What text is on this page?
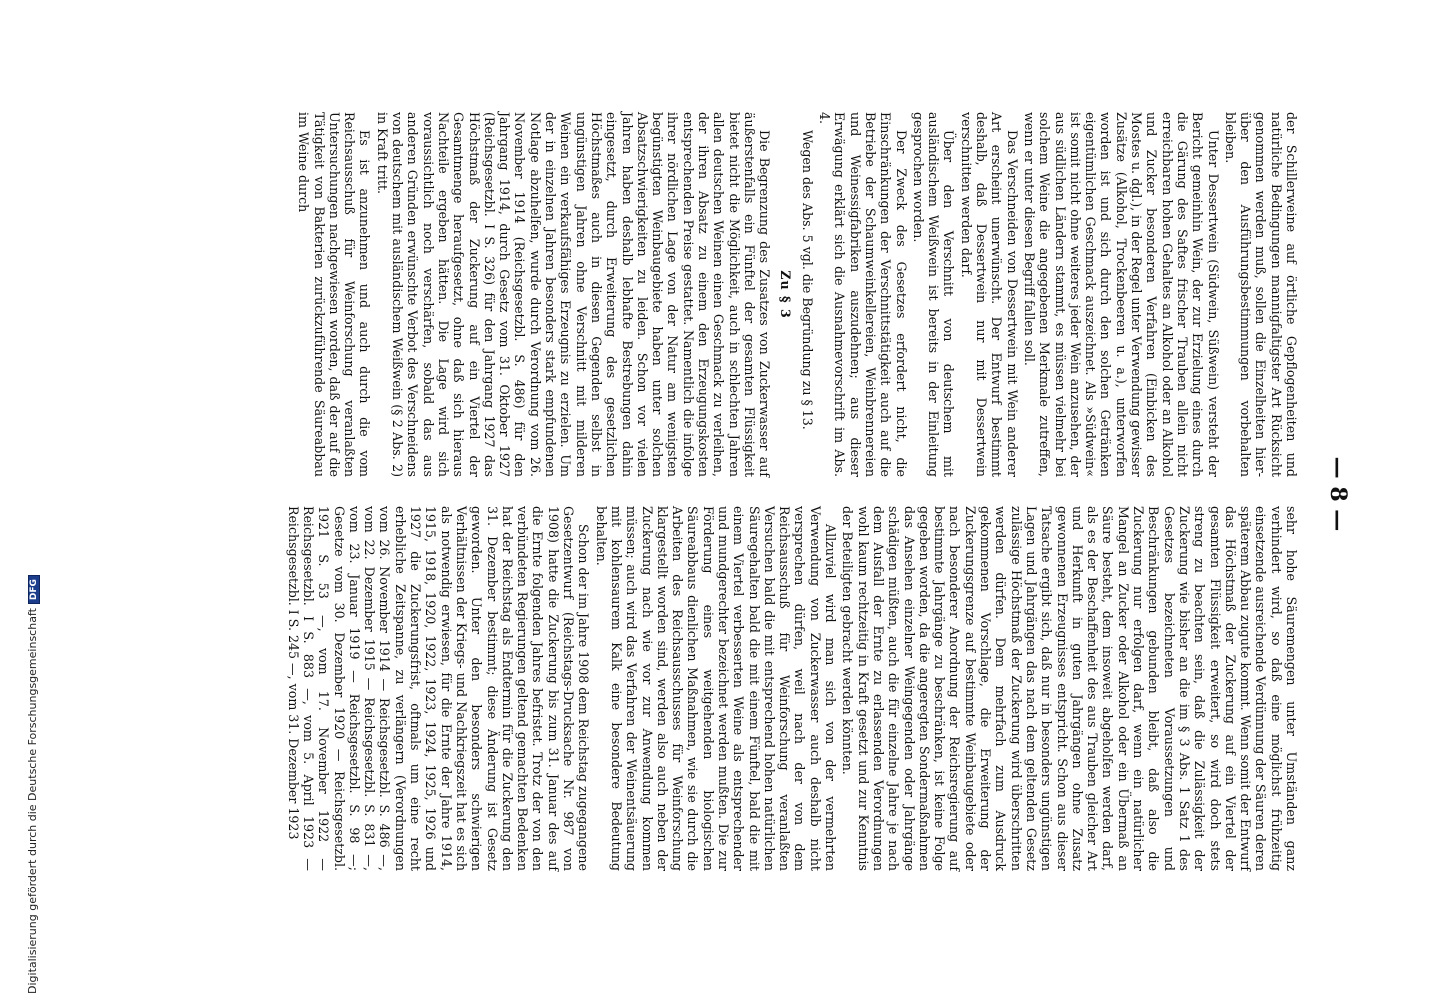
Digitalisierung gefördert durch die Deutsche ForschungsgemeinschaftDFG
— 8 —

der Schillerweine auf örtliche Gepflogenheiten und natürliche Bedingungen mannigfaltigster Art Rücksicht genommen werden muß, sollen die Einzelheiten hier-über den Ausführungsbestimmungen vorbehalten bleiben.

Unter Dessertwein (Südwein, Süßwein) versteht der Bericht gemeinhin Wein, der zur Erzielung eines durch die Gärung des Saftes frischer Trauben allein nicht erreichbaren hohen Gehaltes an Alkohol oder an Alkohol und Zucker besonderen Verfahren (Einbicken des Mostes u. dgl.), in der Regel unter Verwendung gewisser Zusätze (Alkohol, Trockenbeeren u. a.), unterworfen worden ist und sich durch den solchen Getränken eigentümlichen Geschmack auszeichnet. Als »Südwein« ist somit nicht ohne weiteres jeder Wein anzusehen, der aus südlichen Ländern stammt, es müssen vielmehr bei solchem Weine die angegebenen Merkmale zutreffen, wenn er unter diesen Begriff fallen soll.

Das Verschneiden von Dessertwein mit Wein anderer Art erscheint unerwünscht. Der Entwurf bestimmt deshalb, daß Dessertwein nur mit Dessertwein verschnitten werden darf.

Über den Verschnitt von deutschem mit ausländischem Weißwein ist bereits in der Einleitung gesprochen worden.

Der Zweck des Gesetzes erfordert nicht, die Einschränkungen der Verschnittstätigkeit auch auf die Betriebe der Schaumweinkellereien, Weinbrennereien und Weinessigfabriken auszudehnen; aus dieser Erwägung erklärt sich die Ausnahmevorschrift im Abs. 4.

Wegen des Abs. 5 vgl. die Begründung zu § 13.

Zu § 3

Die Begrenzung des Zusatzes von Zuckerwasser auf äußerstenfalls ein Fünftel der gesamten Flüssigkeit bietet nicht die Möglichkeit, auch in schlechten Jahren allen deutschen Weinen einen Geschmack zu verleihen, der ihren Absatz zu einem den Erzeugungskosten entsprechenden Preise gestattet. Namentlich die infolge ihrer nördlichen Lage von der Natur am wenigsten begünstigten Weinbaugebiete haben unter solchen Absatzschwierigkeiten zu leiden. Schon vor vielen Jahren haben deshalb lebhafte Bestrebungen dahin eingesetzt, durch Erweiterung des gesetzlichen Höchstmaßes auch in diesen Gegenden selbst in ungünstigen Jahren ohne Verschnitt mit milderen Weinen ein verkaufsfähiges Erzeugnis zu erzielen. Um der in einzelnen Jahren besonders stark empfundenen Notlage abzuhelfen, wurde durch Verordnung vom 26. November 1914 (Reichsgesetzbl. S. 486) für den Jahrgang 1914, durch Gesetz vom 31. Oktober 1927 (Reichsgesetzbl. I S. 326) für den Jahrgang 1927 das Höchstmaß der Zuckerung auf ein Viertel der Gesamtmenge heraufgesetzt, ohne daß sich hieraus Nachteile ergeben hätten. Die Lage wird sich voraussichtlich noch verschärfen, sobald das aus anderen Gründen erwünschte Verbot des Verschneidens von deutschem mit ausländischem Weißwein (§ 2 Abs. 2) in Kraft tritt.

Es ist anzunehmen und auch durch die vom Reichsausschuß für Weinforschung veranlaßten Untersuchungen nachgewiesen worden, daß der auf die Tätigkeit von Bakterien zurückzuführende Säureabbau im Weine durch

sehr hohe Säuremengen unter Umständen ganz verhindert wird, so daß eine möglichst frühzeitig einsetzende ausreichende Verdünnung der Säuren deren späterem Abbau zugute kommt. Wenn somit der Entwurf das Höchstmaß der Zuckerung auf ein Viertel der gesamten Flüssigkeit erweitert, so wird doch stets streng zu beachten sein, daß die Zulässigkeit der Zuckerung wie bisher an die im § 3 Abs. 1 Satz 1 des Gesetzes bezeichneten Voraussetzungen und Beschränkungen gebunden bleibt, daß also die Zuckerung nur erfolgen darf, wenn ein natürlicher Mangel an Zucker oder Alkohol oder ein Übermaß an Säure besteht, dem insoweit abgeholfen werden darf, als es der Beschaffenheit des aus Trauben gleicher Art und Herkunft in guten Jahrgängen ohne Zusatz gewonnenen Erzeugnisses entspricht. Schon aus dieser Tatsache ergibt sich, daß nur in besonders ungünstigen Lagen und Jahrgängen das nach dem geltenden Gesetz zulässige Höchstmaß der Zuckerung wird überschritten werden dürfen. Dem mehrfach zum Ausdruck gekommenen Vorschlage, die Erweiterung der Zuckerungsgrenze auf bestimmte Weinbaugebiete oder nach besonderer Anordnung der Reichsregierung auf bestimmte Jahrgänge zu beschränken, ist keine Folge gegeben worden, da die angeregten Sondermaßnahmen das Ansehen einzelner Weingegenden oder Jahrgänge schädigen müßten, auch die für einzelne Jahre je nach dem Ausfall der Ernte zu erlassenden Verordnungen wohl kaum rechtzeitig in Kraft gesetzt und zur Kenntnis der Beteiligten gebracht werden könnten.

Allzuviel wird man sich von der vermehrten Verwendung von Zuckerwasser auch deshalb nicht versprechen dürfen, weil nach der von dem Reichsausschuß für Weinforschung veranlaßten Versuchen bald die mit entsprechend hohen natürlichen Säuregehalten bald die mit einem Fünftel, bald die mit einem Viertel verbesserten Weine als entsprechender und mundgerechter bezeichnet werden mußten. Die zur Förderung eines weitgehenden biologischen Säureabbaus dienlichen Maßnahmen, wie sie durch die Arbeiten des Reichsausschusses für Weinforschung klargestellt worden sind, werden also auch neben der Zuckerung nach wie vor zur Anwendung kommen müssen; auch wird das Verfahren der Weinentsäuerung mit kohlensaurem Kalk eine besondere Bedeutung behalten.

Schon der im Jahre 1908 dem Reichstag zugegangene Gesetzentwurf (Reichstags-Drucksache Nr. 987 von 1908) hatte die Zuckerung bis zum 31. Januar des auf die Ernte folgenden Jahres befristet. Trotz der von den verbündeten Regierungen geltend gemachten Bedenken hat der Reichstag als Endtermin für die Zuckerung den 31. Dezember bestimmt; diese Änderung ist Gesetz geworden. Unter den besonders schwierigen Verhältnissen der Kriegs- und Nachkriegszeit hat es sich als notwendig erwiesen, für die Ernte der Jahre 1914, 1915, 1918, 1920, 1922, 1923, 1924, 1925, 1926 und 1927 die Zuckerungsfrist, oftmals um eine recht erhebliche Zeitspanne, zu verlängern (Verordnungen vom 26. November 1914 — Reichsgesetzbl. S. 486 —, vom 22. Dezember 1915 — Reichsgesetzbl. S. 831 —, vom 23. Januar 1919 — Reichsgesetzbl. S. 98 —; Gesetze vom 30. Dezember 1920 — Reichsgesetzbl. 1921 S. 53 —, vom 17. November 1922 — Reichsgesetzbl. I S. 883 —, vom 5. April 1923 — Reichsgesetzbl. I S. 245 —, vom 31. Dezember 1923
